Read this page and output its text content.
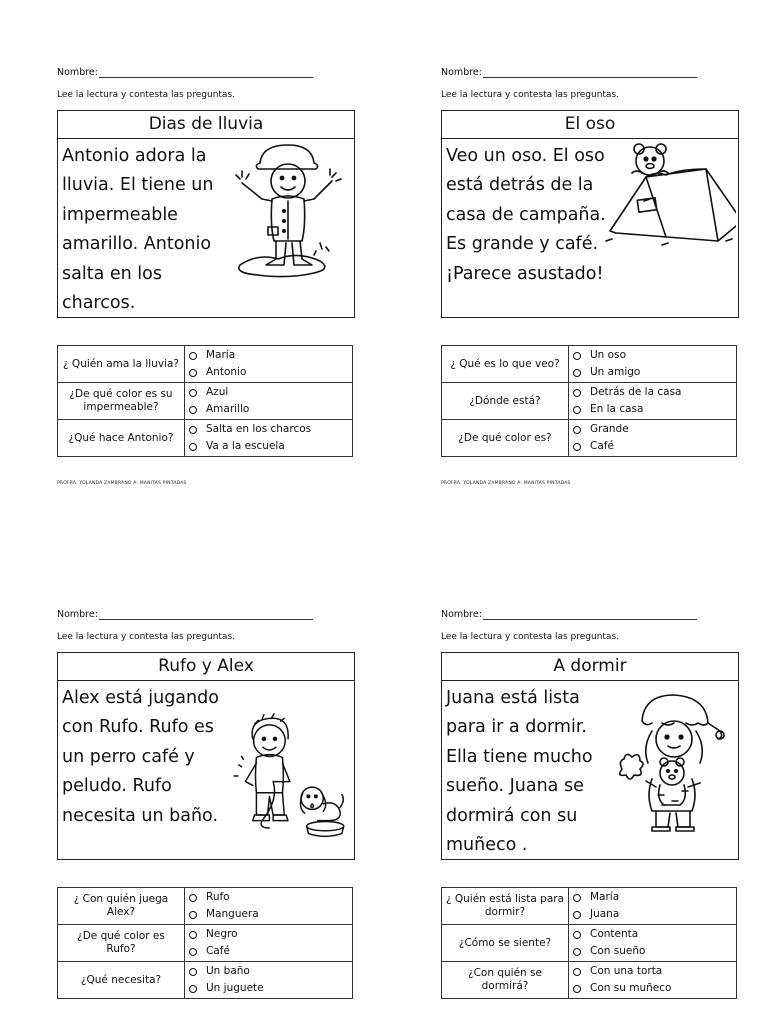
Nombre:
Lee la lectura y contesta las preguntas.
Dias de lluvia
Antonio adora la
lluvia. El tiene un
impermeable
amarillo. Antonio
salta en los
charcos.
¿ Quién ama la lluvia?	María
Antonio

¿De qué color es su impermeable?	Azul
Amarillo

¿Qué hace Antonio?	Salta en los charcos
Va a la escuela
PROFRA. YOLANDA ZAMBRANO A. MANITAS PINTADAS
Nombre:
Lee la lectura y contesta las preguntas.
El oso
Veo un oso. El oso
está detrás de la
casa de campaña.
Es grande y café.
¡Parece asustado!
¿ Qué es lo que veo?	Un oso
Un amigo

¿Dónde está?	Detrás de la casa
En la casa

¿De qué color es?	Grande
Café
PROFRA. YOLANDA ZAMBRANO A. MANITAS PINTADAS
Nombre:
Lee la lectura y contesta las preguntas.
Rufo y Alex
Alex está jugando
con Rufo. Rufo es
un perro café y
peludo. Rufo
necesita un baño.
¿ Con quién juega Alex?	Rufo
Manguera

¿De qué color es Rufo?	Negro
Café

¿Qué necesita?	Un baño
Un juguete
Nombre:
Lee la lectura y contesta las preguntas.
A dormir
Juana está lista
para ir a dormir.
Ella tiene mucho
sueño. Juana se
dormirá con su
muñeco .
¿ Quién está lista para dormir?	María
Juana

¿Cómo se siente?	Contenta
Con sueño

¿Con quién se dormirá?	Con una torta
Con su muñeco
